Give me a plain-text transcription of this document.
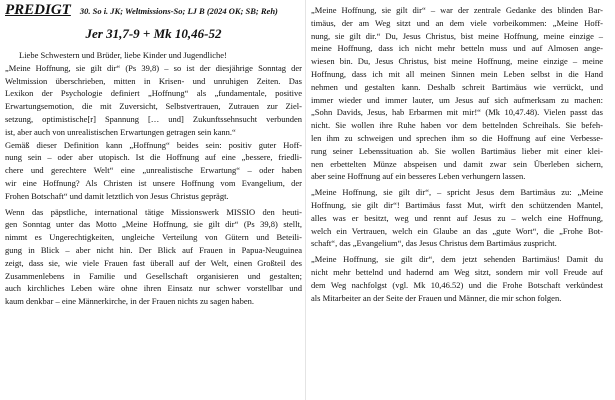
PREDIGT 30. So i. JK; Weltmissions-So; LJ B (2024 OK; SB; Reh)
Jer 31,7-9 + Mk 10,46-52
Liebe Schwestern und Brüder, liebe Kinder und Jugendliche!
„Meine Hoffnung, sie gilt dir“ (Ps 39,8) – so ist der diesjährige Sonntag der
Weltmission überschrieben, mitten in Krisen- und unruhigen Zeiten. Das
Lexikon der Psychologie definiert „Hoffnung“ als „fundamentale, positive
Erwartungsemotion, die mit Zuversicht, Selbstvertrauen, Zutrauen zur Ziel-
setzung, optimistische[r] Spannung [… und] Zukunftssehnsucht verbunden
ist, aber auch von unrealistischen Erwartungen getragen sein kann.“
Gemäß dieser Definition kann „Hoffnung“ beides sein: positiv guter Hoff-
nung sein – oder aber utopisch. Ist die Hoffnung auf eine „bessere, friedli-
chere und gerechtere Welt“ eine „unrealistische Erwartung“ – oder haben
wir eine Hoffnung? Als Christen ist unsere Hoffnung vom Evangelium, der
Frohen Botschaft“ und damit letztlich von Jesus Christus geprägt.
Wenn das päpstliche, international tätige Missionswerk MISSIO den heuti-
gen Sonntag unter das Motto „Meine Hoffnung, sie gilt dir“ (Ps 39,8) stellt,
nimmt es Ungerechtigkeiten, ungleiche Verteilung von Gütern und Beteili-
gung in Blick – aber nicht hin. Der Blick auf Frauen in Papua-Neuguinea
zeigt, dass sie, wie viele Frauen fast überall auf der Welt, einen Großteil des
Zusammenlebens in Familie und Gesellschaft organisieren und gestalten;
auch kirchliches Leben wäre ohne ihren Einsatz nur schwer vorstellbar und
kaum denkbar – eine Männerkirche, in der Frauen nichts zu sagen haben.
„Meine Hoffnung, sie gilt dir“ – war der zentrale Gedanke des blinden Bar-
timäus, der am Weg sitzt und an dem viele vorbeikommen: „Meine Hoff-
nung, sie gilt dir.“ Du, Jesus Christus, bist meine Hoffnung, meine einzige –
meine Hoffnung, dass ich nicht mehr betteln muss und auf Almosen ange-
wiesen bin. Du, Jesus Christus, bist meine Hoffnung, meine einzige – meine
Hoffnung, dass ich mit all meinen Sinnen mein Leben selbst in die Hand
nehmen und gestalten kann. Deshalb schreit Bartimäus wie verrückt, und
immer wieder und immer lauter, um Jesus auf sich aufmerksam zu machen:
„Sohn Davids, Jesus, hab Erbarmen mit mir!“ (Mk 10,47.48). Vielen passt das
nicht. Sie wollen ihre Ruhe haben vor dem bettelnden Schreihals. Sie befeh-
len ihm zu schweigen und sprechen ihm so die Hoffnung auf eine Verbesse-
rung seiner Lebenssituation ab. Sie wollen Bartimäus lieber mit einer klei-
nen erbettelten Münze abspeisen und damit zwar sein Überleben sichern,
aber seine Hoffnung auf ein besseres Leben verhungern lassen.
„Meine Hoffnung, sie gilt dir“, – spricht Jesus dem Bartimäus zu: „Meine
Hoffnung, sie gilt dir“! Bartimäus fasst Mut, wirft den schützenden Mantel,
alles was er besitzt, weg und rennt auf Jesus zu – welch eine Hoffnung,
welch ein Vertrauen, welch ein Glaube an das „gute Wort“, die „Frohe Bot-
schaft“, das „Evangelium“, das Jesus Christus dem Bartimäus zuspricht.
„Meine Hoffnung, sie gilt dir“, dem jetzt sehenden Bartimäus! Damit du
nicht mehr bettelnd und hadernd am Weg sitzt, sondern mir voll Freude auf
dem Weg nachfolgst (vgl. Mk 10,46.52) und die Frohe Botschaft verkündest
als Mitarbeiter an der Seite der Frauen und Männer, die mir schon folgen.
